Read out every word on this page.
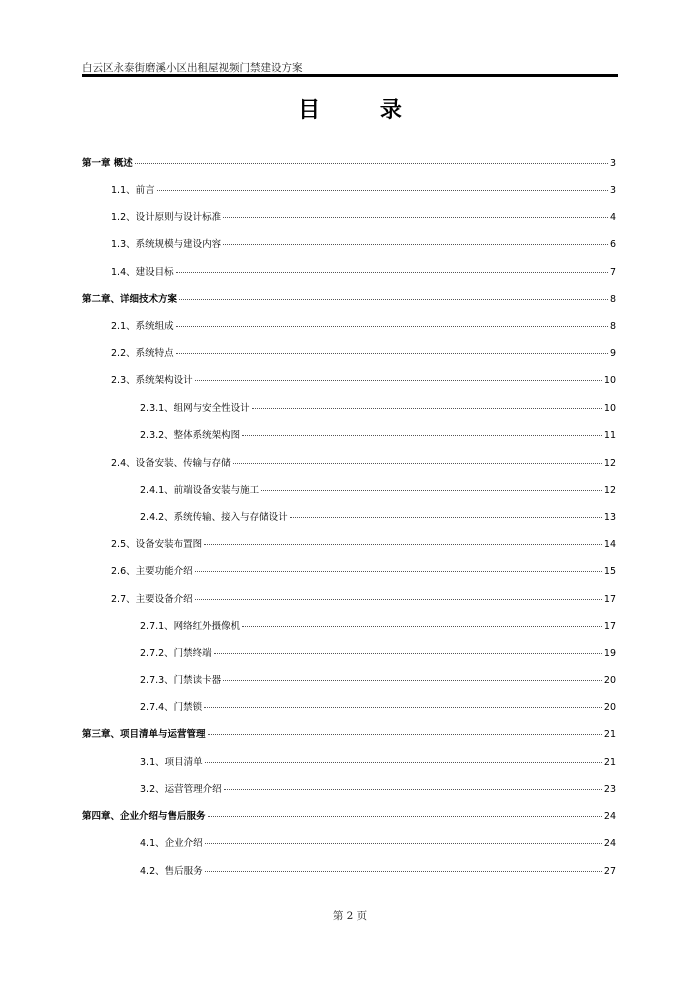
白云区永泰街磨溪小区出租屋视频门禁建设方案
目 录
第一章 概述	3
1.1、前言	3
1.2、设计原则与设计标准	4
1.3、系统规模与建设内容	6
1.4、建设目标	7
第二章、详细技术方案	8
2.1、系统组成	8
2.2、系统特点	9
2.3、系统架构设计	10
2.3.1、组网与安全性设计	10
2.3.2、整体系统架构图	11
2.4、设备安装、传输与存储	12
2.4.1、前端设备安装与施工	12
2.4.2、系统传输、接入与存储设计	13
2.5、设备安装布置图	14
2.6、主要功能介绍	15
2.7、主要设备介绍	17
2.7.1、网络红外摄像机	17
2.7.2、门禁终端	19
2.7.3、门禁读卡器	20
2.7.4、门禁锁	20
第三章、项目清单与运营管理	21
3.1、项目清单	21
3.2、运营管理介绍	23
第四章、企业介绍与售后服务	24
4.1、企业介绍	24
4.2、售后服务	27
第 2 页
